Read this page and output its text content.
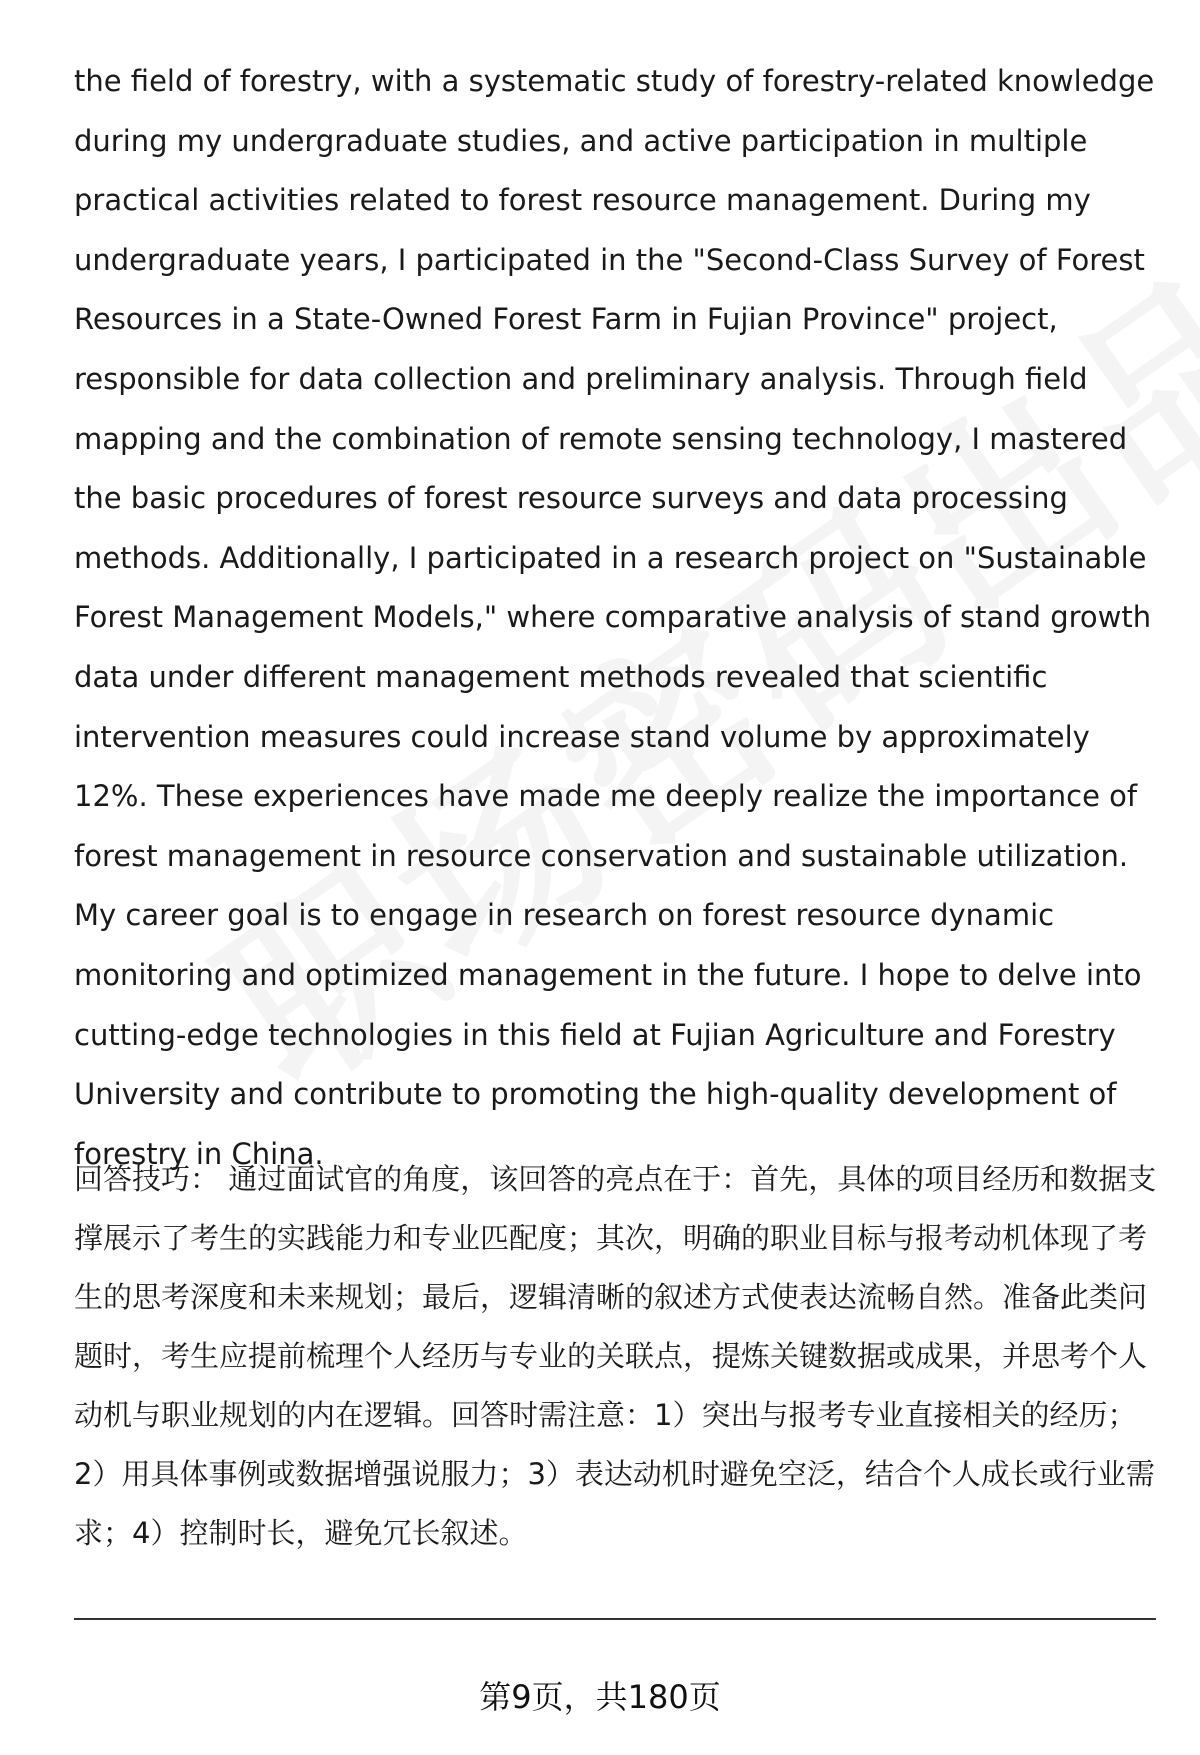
the field of forestry, with a systematic study of forestry-related knowledge during my undergraduate studies, and active participation in multiple practical activities related to forest resource management. During my undergraduate years, I participated in the "Second-Class Survey of Forest Resources in a State-Owned Forest Farm in Fujian Province" project, responsible for data collection and preliminary analysis. Through field mapping and the combination of remote sensing technology, I mastered the basic procedures of forest resource surveys and data processing methods. Additionally, I participated in a research project on "Sustainable Forest Management Models," where comparative analysis of stand growth data under different management methods revealed that scientific intervention measures could increase stand volume by approximately 12%. These experiences have made me deeply realize the importance of forest management in resource conservation and sustainable utilization. My career goal is to engage in research on forest resource dynamic monitoring and optimized management in the future. I hope to delve into cutting-edge technologies in this field at Fujian Agriculture and Forestry University and contribute to promoting the high-quality development of forestry in China.

回答技巧： 通过面试官的角度，该回答的亮点在于：首先，具体的项目经历和数据支撑展示了考生的实践能力和专业匹配度；其次，明确的职业目标与报考动机体现了考生的思考深度和未来规划；最后，逻辑清晰的叙述方式使表达流畅自然。准备此类问题时，考生应提前梳理个人经历与专业的关联点，提炼关键数据或成果，并思考个人动机与职业规划的内在逻辑。回答时需注意：1）突出与报考专业直接相关的经历；2）用具体事例或数据增强说服力；3）表达动机时避免空泛，结合个人成长或行业需求；4）控制时长，避免冗长叙述。

第9页，共180页
